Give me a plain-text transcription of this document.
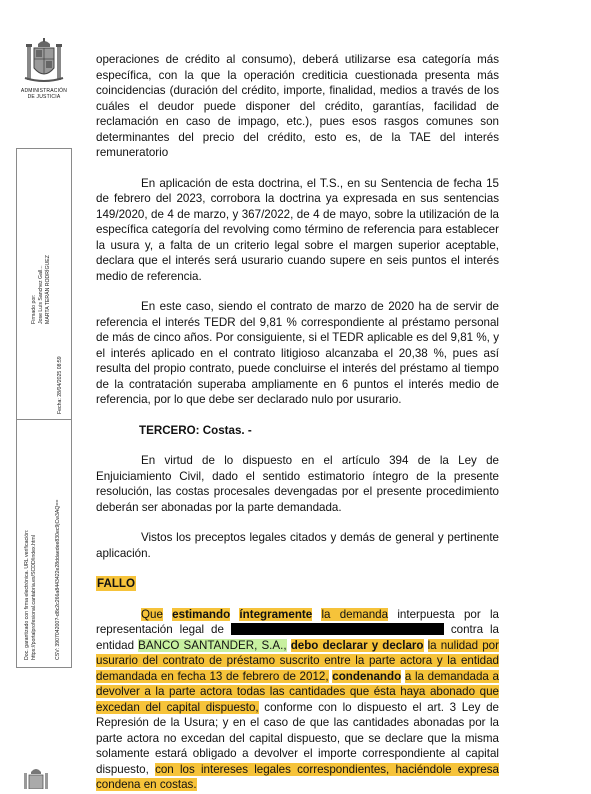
ADMINISTRACIÓN
DE JUSTICIA
Firmado por: Jose Luis Sanchez Gall... MARTA TERÁN RODRÍGUEZ
Fecha: 28/04/2025 08:59
Doc. garantizado con firma electrónica. URL verificación: https://portalprofesional.cantabria.es/SCDD/index.html	CSV: 390704200?-d8c2c266a8443422e28ddaedee830ec9jCw3AQ==

operaciones de crédito al consumo), deberá utilizarse esa categoría más específica, con la que la operación crediticia cuestionada presenta más coincidencias (duración del crédito, importe, finalidad, medios a través de los cuáles el deudor puede disponer del crédito, garantías, facilidad de reclamación en caso de impago, etc.), pues esos rasgos comunes son determinantes del precio del crédito, esto es, de la TAE del interés remuneratorio

En aplicación de esta doctrina, el T.S., en su Sentencia de fecha 15 de febrero del 2023, corrobora la doctrina ya expresada en sus sentencias 149/2020, de 4 de marzo, y 367/2022, de 4 de mayo, sobre la utilización de la específica categoría del revolving como término de referencia para establecer la usura y, a falta de un criterio legal sobre el margen superior aceptable, declara que el interés será usurario cuando supere en seis puntos el interés medio de referencia.

En este caso, siendo el contrato de marzo de 2020 ha de servir de referencia el interés TEDR del 9,81 % correspondiente al préstamo personal de más de cinco años. Por consiguiente, si el TEDR aplicable es del 9,81 %, y el interés aplicado en el contrato litigioso alcanzaba el 20,38 %, pues así resulta del propio contrato, puede concluirse el interés del préstamo al tiempo de la contratación superaba ampliamente en 6 puntos el interés medio de referencia, por lo que debe ser declarado nulo por usurario.

TERCERO: Costas. -

En virtud de lo dispuesto en el artículo 394 de la Ley de Enjuiciamiento Civil, dado el sentido estimatorio íntegro de la presente resolución, las costas procesales devengadas por el presente procedimiento deberán ser abonadas por la parte demandada.

Vistos los preceptos legales citados y demás de general y pertinente aplicación.

FALLO

Que estimando íntegramente la demanda interpuesta por la representación legal de	contra la entidad BANCO SANTANDER, S.A., debo declarar y declaro la nulidad por usurario del contrato de préstamo suscrito entre la parte actora y la entidad demandada en fecha 13 de febrero de 2012, condenando a la demandada a devolver a la parte actora todas las cantidades que ésta haya abonado que excedan del capital dispuesto, conforme con lo dispuesto el art. 3 Ley de Represión de la Usura; y en el caso de que las cantidades abonadas por la parte actora no excedan del capital dispuesto, que se declare que la misma solamente estará obligado a devolver el importe correspondiente al capital dispuesto, con los intereses legales correspondientes, haciéndole expresa condena en costas.
